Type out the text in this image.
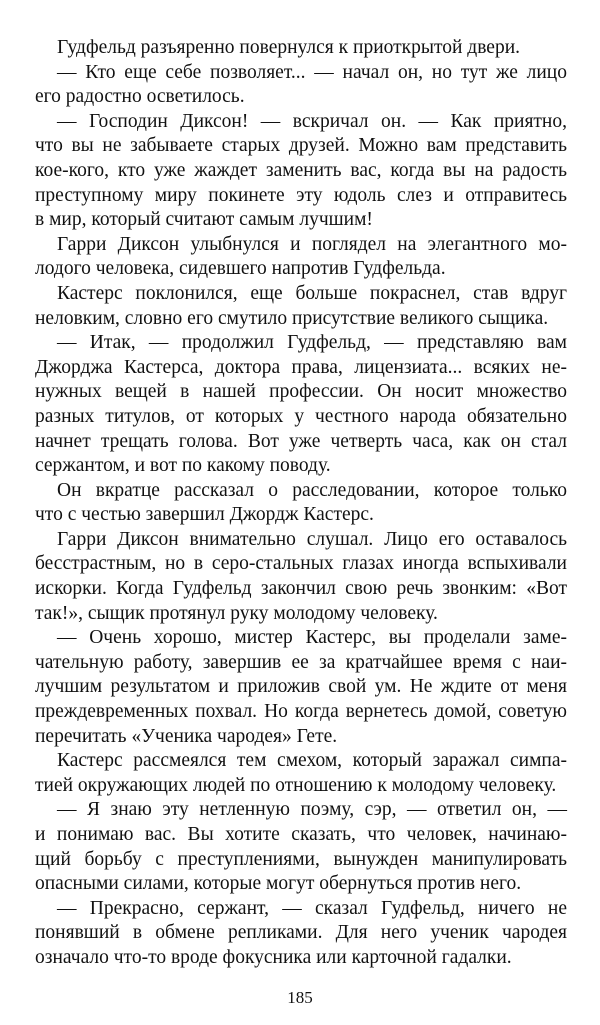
Гудфельд разъяренно повернулся к приоткрытой двери.
— Кто еще себе позволяет... — начал он, но тут же лицо
его радостно осветилось.
— Господин Диксон! — вскричал он. — Как приятно,
что вы не забываете старых друзей. Можно вам представить
кое-кого, кто уже жаждет заменить вас, когда вы на радость
преступному миру покинете эту юдоль слез и отправитесь
в мир, который считают самым лучшим!
Гарри Диксон улыбнулся и поглядел на элегантного мо-
лодого человека, сидевшего напротив Гудфельда.
Кастерс поклонился, еще больше покраснел, став вдруг
неловким, словно его смутило присутствие великого сыщика.
— Итак, — продолжил Гудфельд, — представляю вам
Джорджа Кастерса, доктора права, лицензиата... всяких не-
нужных вещей в нашей профессии. Он носит множество
разных титулов, от которых у честного народа обязательно
начнет трещать голова. Вот уже четверть часа, как он стал
сержантом, и вот по какому поводу.
Он вкратце рассказал о расследовании, которое только
что с честью завершил Джордж Кастерс.
Гарри Диксон внимательно слушал. Лицо его оставалось
бесстрастным, но в серо-стальных глазах иногда вспыхивали
искорки. Когда Гудфельд закончил свою речь звонким: «Вот
так!», сыщик протянул руку молодому человеку.
— Очень хорошо, мистер Кастерс, вы проделали заме-
чательную работу, завершив ее за кратчайшее время с наи-
лучшим результатом и приложив свой ум. Не ждите от меня
преждевременных похвал. Но когда вернетесь домой, советую
перечитать «Ученика чародея» Гете.
Кастерс рассмеялся тем смехом, который заражал симпа-
тией окружающих людей по отношению к молодому человеку.
— Я знаю эту нетленную поэму, сэр, — ответил он, —
и понимаю вас. Вы хотите сказать, что человек, начинаю-
щий борьбу с преступлениями, вынужден манипулировать
опасными силами, которые могут обернуться против него.
— Прекрасно, сержант, — сказал Гудфельд, ничего не
понявший в обмене репликами. Для него ученик чародея
означало что-то вроде фокусника или карточной гадалки.
185
